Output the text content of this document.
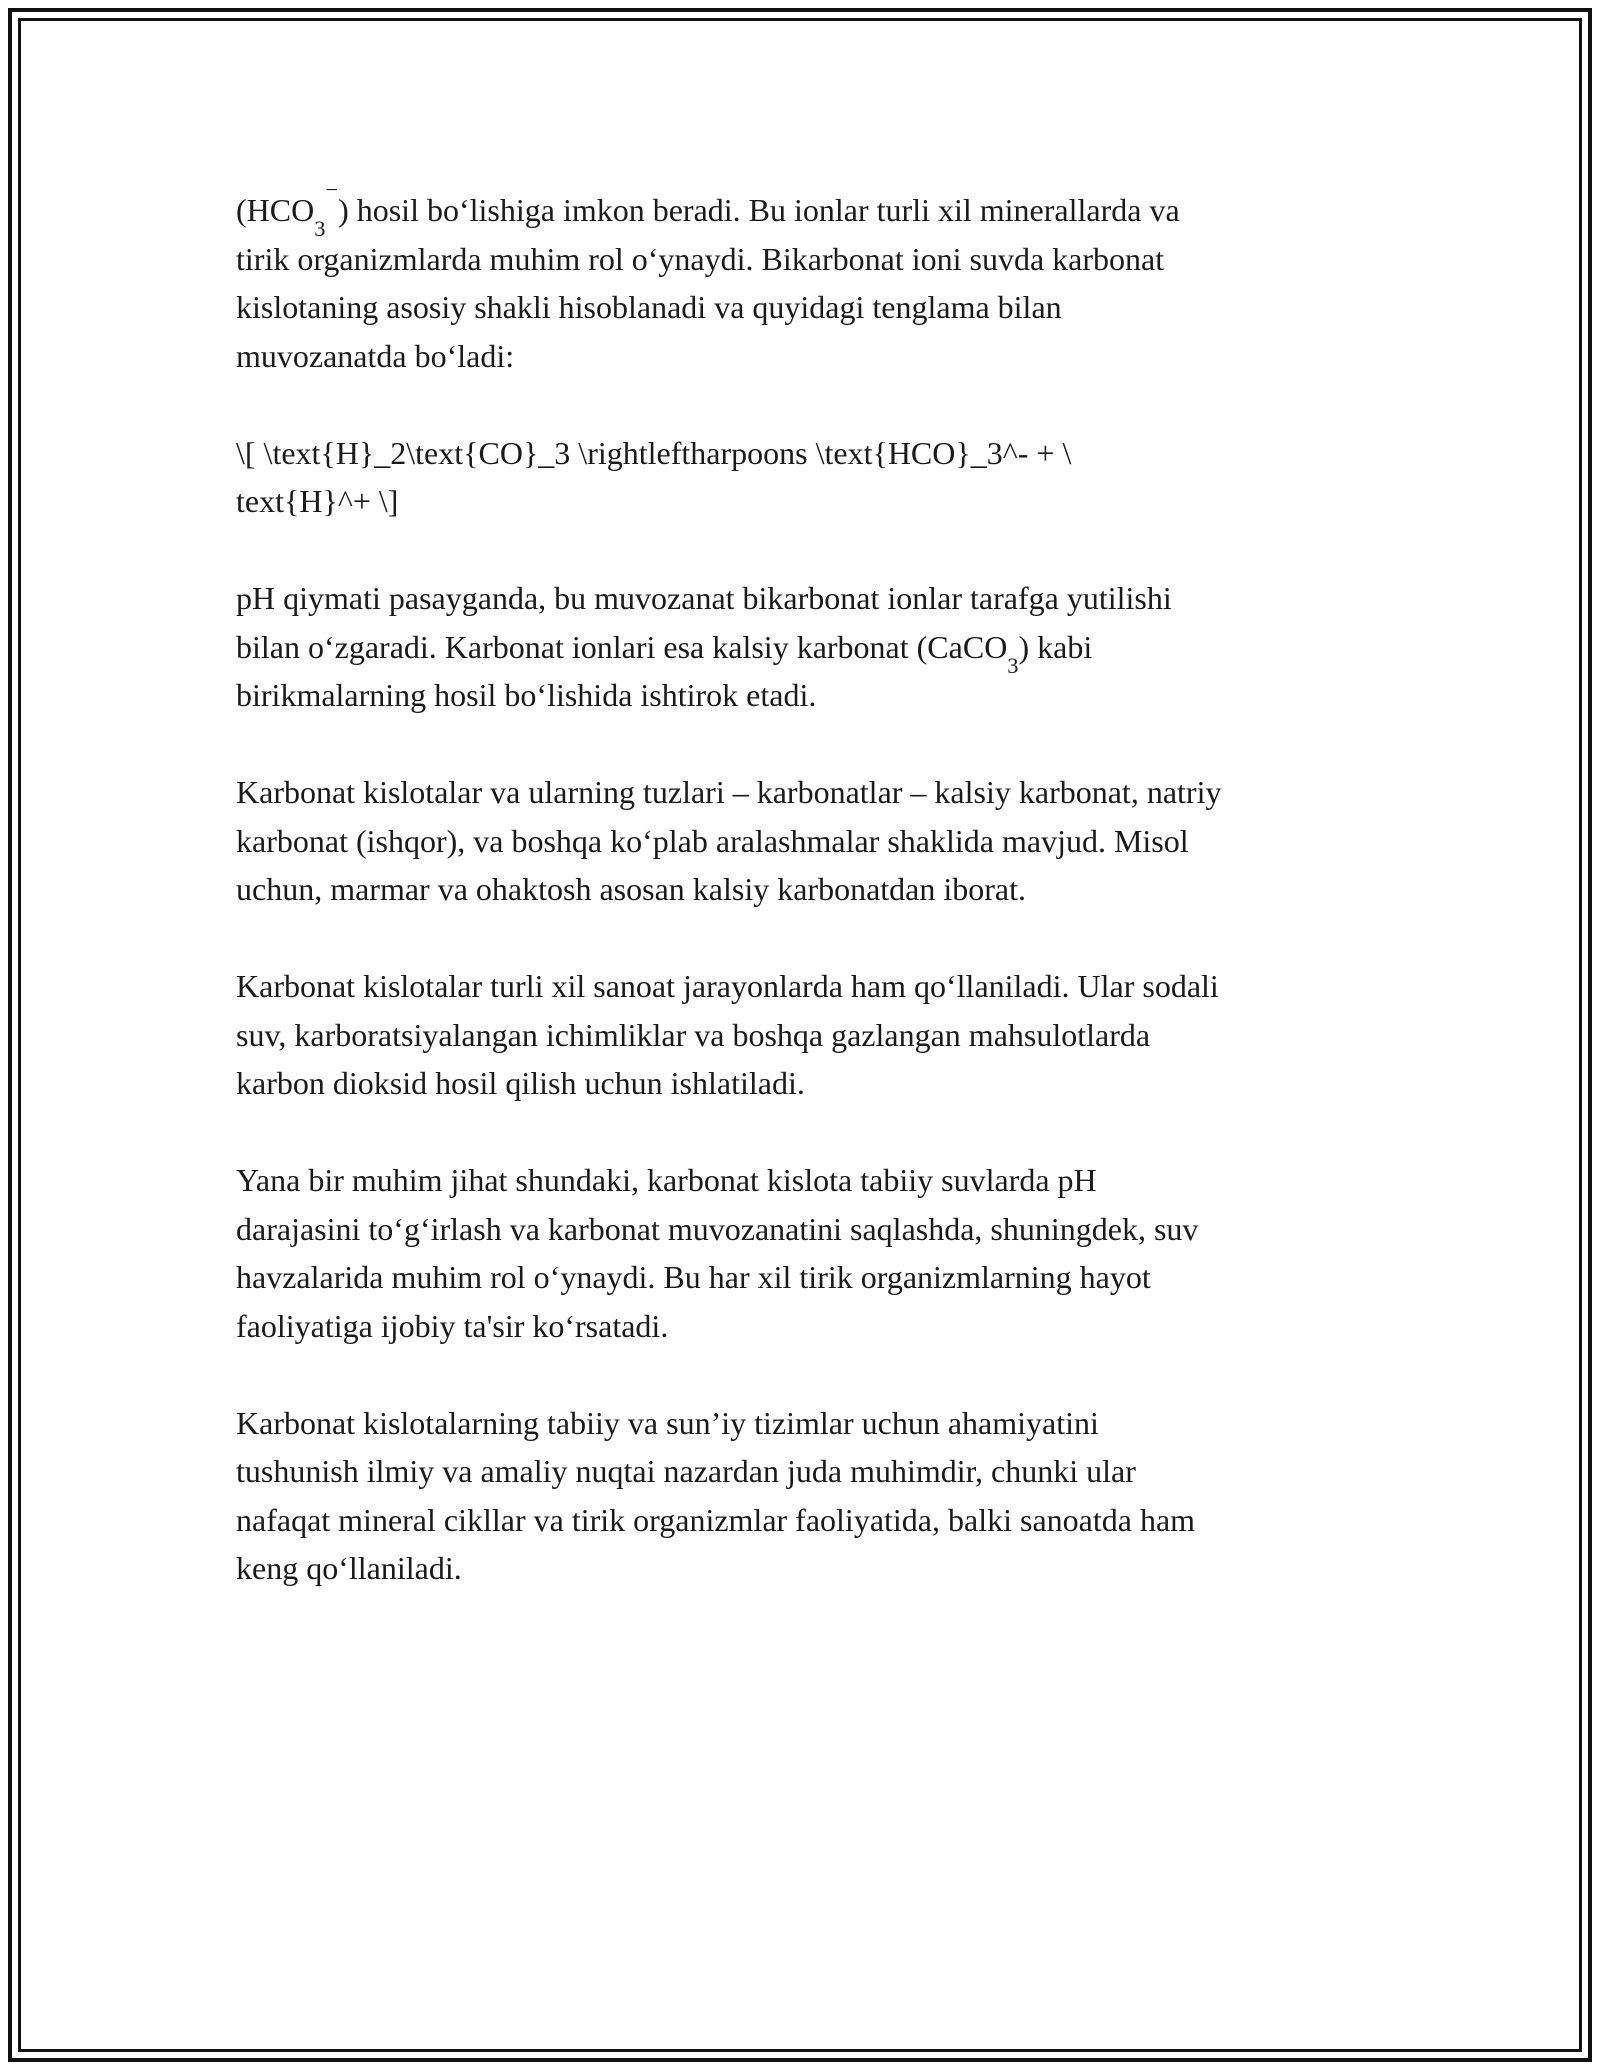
$(HCO_3^-)$ hosil bo‘lishiga imkon beradi. Bu ionlar turli xil minerallarda va
tirik organizmlarda muhim rol o‘ynaydi. Bikarbonat ioni suvda karbonat
kislotaning asosiy shakli hisoblanadi va quyidagi tenglama bilan
muvozanatda bo‘ladi:

\[ \text{H}_2\text{CO}_3 \rightleftharpoons \text{HCO}_3^- + \
text{H}^+ \]

pH qiymati pasayganda, bu muvozanat bikarbonat ionlar tarafga yutilishi
bilan o‘zgaradi. Karbonat ionlari esa kalsiy karbonat (CaCO$_3$) kabi
birikmalarning hosil bo‘lishida ishtirok etadi.

Karbonat kislotalar va ularning tuzlari – karbonatlar – kalsiy karbonat, natriy
karbonat (ishqor), va boshqa ko‘plab aralashmalar shaklida mavjud. Misol
uchun, marmar va ohaktosh asosan kalsiy karbonatdan iborat.

Karbonat kislotalar turli xil sanoat jarayonlarda ham qo‘llaniladi. Ular sodali
suv, karboratsiyalangan ichimliklar va boshqa gazlangan mahsulotlarda
karbon dioksid hosil qilish uchun ishlatiladi.

Yana bir muhim jihat shundaki, karbonat kislota tabiiy suvlarda pH
darajasini to‘g‘irlash va karbonat muvozanatini saqlashda, shuningdek, suv
havzalarida muhim rol o‘ynaydi. Bu har xil tirik organizmlarning hayot
faoliyatiga ijobiy ta'sir ko‘rsatadi.

Karbonat kislotalarning tabiiy va sun’iy tizimlar uchun ahamiyatini
tushunish ilmiy va amaliy nuqtai nazardan juda muhimdir, chunki ular
nafaqat mineral cikllar va tirik organizmlar faoliyatida, balki sanoatda ham
keng qo‘llaniladi.
